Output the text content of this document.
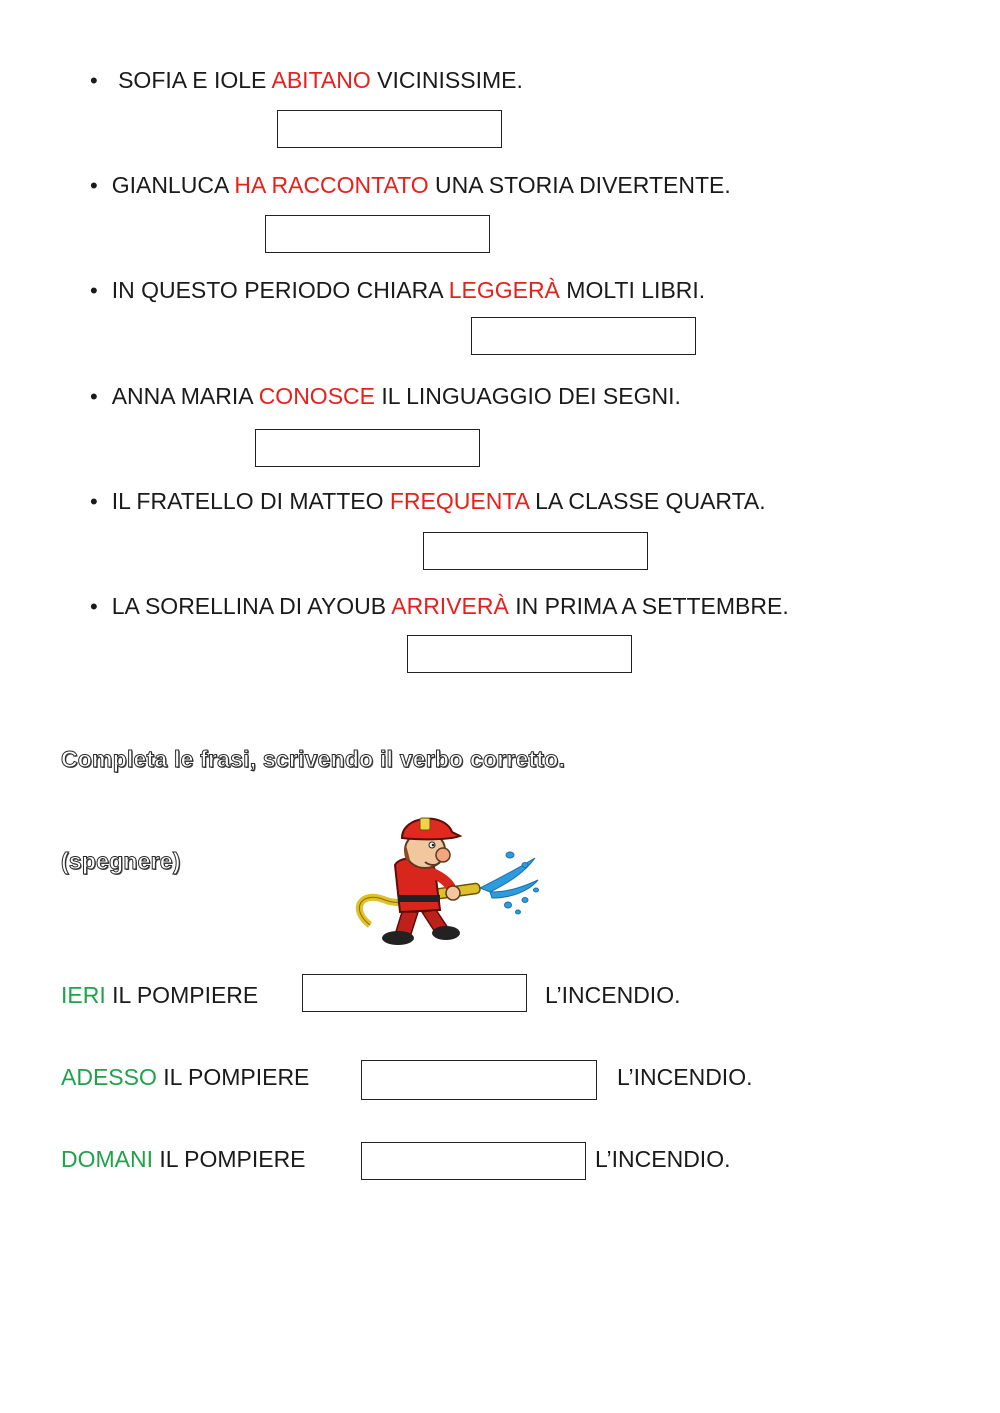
• SOFIA E IOLE ABITANO VICINISSIME.
• GIANLUCA HA RACCONTATO UNA STORIA DIVERTENTE.
• IN QUESTO PERIODO CHIARA LEGGERÀ MOLTI LIBRI.
• ANNA MARIA CONOSCE IL LINGUAGGIO DEI SEGNI.
• IL FRATELLO DI MATTEO FREQUENTA LA CLASSE QUARTA.
• LA SORELLINA DI AYOUB ARRIVERÀ IN PRIMA A SETTEMBRE.
Completa le frasi, scrivendo il verbo corretto.
(spegnere)
IERI IL POMPIERE	L’INCENDIO.
ADESSO IL POMPIERE	L’INCENDIO.
DOMANI IL POMPIERE	L’INCENDIO.
